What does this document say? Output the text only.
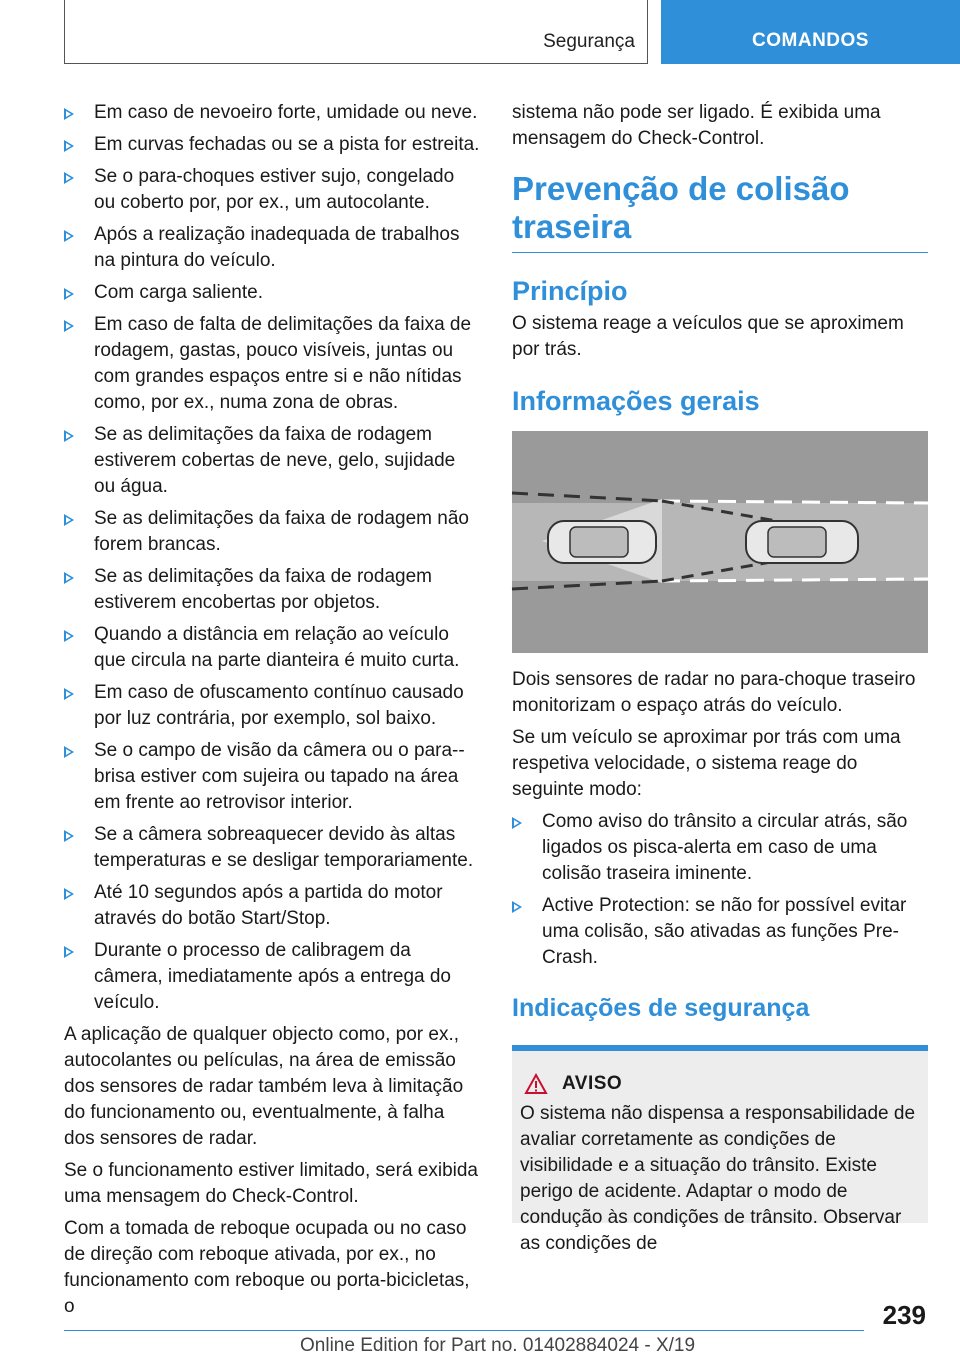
Segurança	COMANDOS
Em caso de nevoeiro forte, umidade ou neve.
Em curvas fechadas ou se a pista for estreita.
Se o para-choques estiver sujo, congelado ou coberto por, por ex., um autocolante.
Após a realização inadequada de trabalhos na pintura do veículo.
Com carga saliente.
Em caso de falta de delimitações da faixa de rodagem, gastas, pouco visíveis, juntas ou com grandes espaços entre si e não nítidas como, por ex., numa zona de obras.
Se as delimitações da faixa de rodagem estiverem cobertas de neve, gelo, sujidade ou água.
Se as delimitações da faixa de rodagem não forem brancas.
Se as delimitações da faixa de rodagem estiverem encobertas por objetos.
Quando a distância em relação ao veículo que circula na parte dianteira é muito curta.
Em caso de ofuscamento contínuo causado por luz contrária, por exemplo, sol baixo.
Se o campo de visão da câmera ou o para--brisa estiver com sujeira ou tapado na área em frente ao retrovisor interior.
Se a câmera sobreaquecer devido às altas temperaturas e se desligar temporariamente.
Até 10 segundos após a partida do motor através do botão Start/Stop.
Durante o processo de calibragem da câmera, imediatamente após a entrega do veículo.

A aplicação de qualquer objecto como, por ex., autocolantes ou películas, na área de emissão dos sensores de radar também leva à limitação do funcionamento ou, eventualmente, à falha dos sensores de radar.

Se o funcionamento estiver limitado, será exibida uma mensagem do Check-Control.

Com a tomada de reboque ocupada ou no caso de direção com reboque ativada, por ex., no funcionamento com reboque ou porta-bicicletas, o

sistema não pode ser ligado. É exibida uma mensagem do Check-Control.

Prevenção de colisão traseira
Princípio

O sistema reage a veículos que se aproximem por trás.

Informações gerais

Dois sensores de radar no para-choque traseiro monitorizam o espaço atrás do veículo.

Se um veículo se aproximar por trás com uma respetiva velocidade, o sistema reage do seguinte modo:

Como aviso do trânsito a circular atrás, são ligados os pisca-alerta em caso de uma colisão traseira iminente.
Active Protection: se não for possível evitar uma colisão, são ativadas as funções Pre-Crash.
Indicações de segurança
AVISO
O sistema não dispensa a responsabilidade de avaliar corretamente as condições de visibilidade e a situação do trânsito. Existe perigo de acidente. Adaptar o modo de condução às condições de trânsito. Observar as condições de
239
Online Edition for Part no. 01402884024 - X/19
